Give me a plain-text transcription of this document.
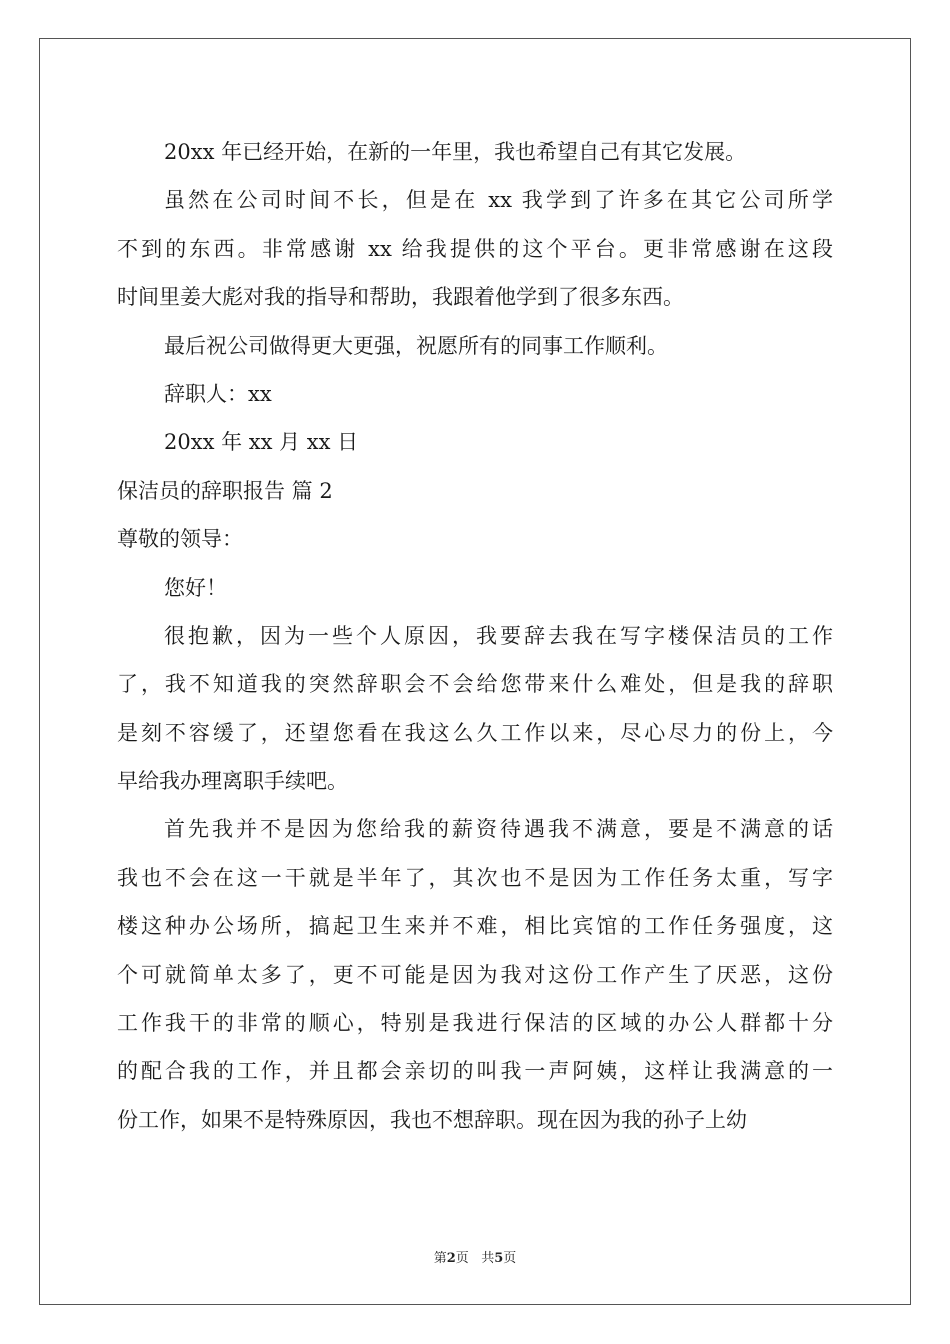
20xx 年已经开始，在新的一年里，我也希望自己有其它发展。
虽然在公司时间不长，但是在 xx 我学到了许多在其它公司所学
不到的东西。非常感谢 xx 给我提供的这个平台。更非常感谢在这段
时间里姜大彪对我的指导和帮助，我跟着他学到了很多东西。
最后祝公司做得更大更强，祝愿所有的同事工作顺利。
辞职人：xx
20xx 年 xx 月 xx 日
保洁员的辞职报告 篇 2
尊敬的领导：
您好！
很抱歉，因为一些个人原因，我要辞去我在写字楼保洁员的工作
了，我不知道我的突然辞职会不会给您带来什么难处，但是我的辞职
是刻不容缓了，还望您看在我这么久工作以来，尽心尽力的份上，今
早给我办理离职手续吧。
首先我并不是因为您给我的薪资待遇我不满意，要是不满意的话
我也不会在这一干就是半年了，其次也不是因为工作任务太重，写字
楼这种办公场所，搞起卫生来并不难，相比宾馆的工作任务强度，这
个可就简单太多了，更不可能是因为我对这份工作产生了厌恶，这份
工作我干的非常的顺心，特别是我进行保洁的区域的办公人群都十分
的配合我的工作，并且都会亲切的叫我一声阿姨，这样让我满意的一
份工作，如果不是特殊原因，我也不想辞职。现在因为我的孙子上幼
第2页 共5页
